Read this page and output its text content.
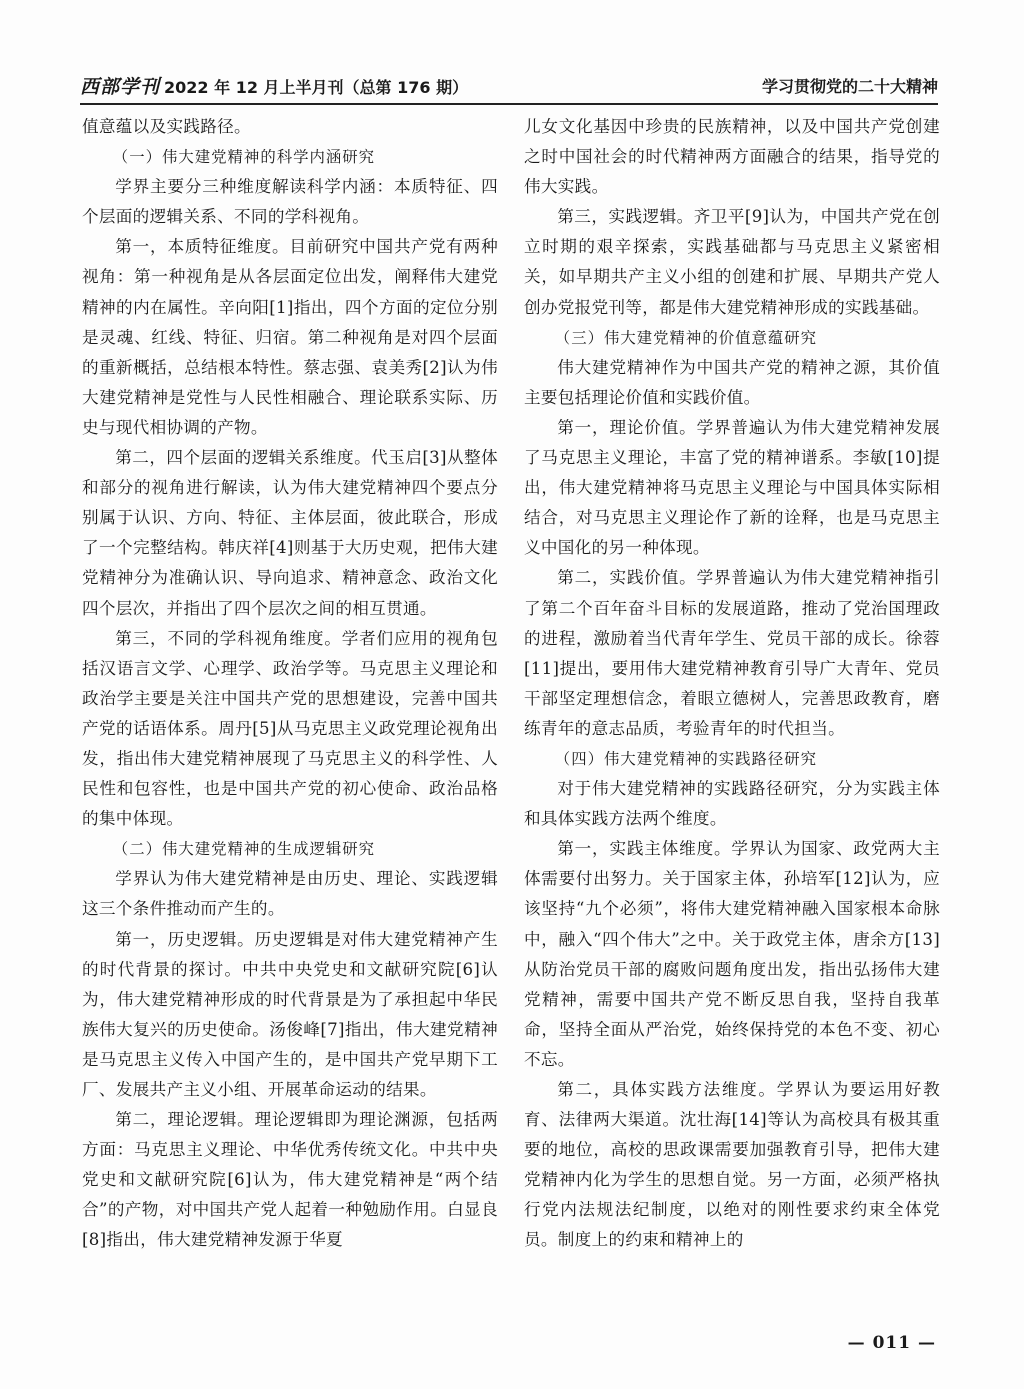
西部学刊 2022 年 12 月上半月刊（总第 176 期）	学习贯彻党的二十大精神

值意蕴以及实践路径。

（一）伟大建党精神的科学内涵研究

学界主要分三种维度解读科学内涵：本质特征、四个层面的逻辑关系、不同的学科视角。

第一，本质特征维度。目前研究中国共产党有两种视角：第一种视角是从各层面定位出发，阐释伟大建党精神的内在属性。辛向阳[1]指出，四个方面的定位分别是灵魂、红线、特征、归宿。第二种视角是对四个层面的重新概括，总结根本特性。蔡志强、袁美秀[2]认为伟大建党精神是党性与人民性相融合、理论联系实际、历史与现代相协调的产物。

第二，四个层面的逻辑关系维度。代玉启[3]从整体和部分的视角进行解读，认为伟大建党精神四个要点分别属于认识、方向、特征、主体层面，彼此联合，形成了一个完整结构。韩庆祥[4]则基于大历史观，把伟大建党精神分为准确认识、导向追求、精神意念、政治文化四个层次，并指出了四个层次之间的相互贯通。

第三，不同的学科视角维度。学者们应用的视角包括汉语言文学、心理学、政治学等。马克思主义理论和政治学主要是关注中国共产党的思想建设，完善中国共产党的话语体系。周丹[5]从马克思主义政党理论视角出发，指出伟大建党精神展现了马克思主义的科学性、人民性和包容性，也是中国共产党的初心使命、政治品格的集中体现。

（二）伟大建党精神的生成逻辑研究

学界认为伟大建党精神是由历史、理论、实践逻辑这三个条件推动而产生的。

第一，历史逻辑。历史逻辑是对伟大建党精神产生的时代背景的探讨。中共中央党史和文献研究院[6]认为，伟大建党精神形成的时代背景是为了承担起中华民族伟大复兴的历史使命。汤俊峰[7]指出，伟大建党精神是马克思主义传入中国产生的，是中国共产党早期下工厂、发展共产主义小组、开展革命运动的结果。

第二，理论逻辑。理论逻辑即为理论渊源，包括两方面：马克思主义理论、中华优秀传统文化。中共中央党史和文献研究院[6]认为，伟大建党精神是“两个结合”的产物，对中国共产党人起着一种勉励作用。白显良[8]指出，伟大建党精神发源于华夏

儿女文化基因中珍贵的民族精神，以及中国共产党创建之时中国社会的时代精神两方面融合的结果，指导党的伟大实践。

第三，实践逻辑。齐卫平[9]认为，中国共产党在创立时期的艰辛探索，实践基础都与马克思主义紧密相关，如早期共产主义小组的创建和扩展、早期共产党人创办党报党刊等，都是伟大建党精神形成的实践基础。

（三）伟大建党精神的价值意蕴研究

伟大建党精神作为中国共产党的精神之源，其价值主要包括理论价值和实践价值。

第一，理论价值。学界普遍认为伟大建党精神发展了马克思主义理论，丰富了党的精神谱系。李敏[10]提出，伟大建党精神将马克思主义理论与中国具体实际相结合，对马克思主义理论作了新的诠释，也是马克思主义中国化的另一种体现。

第二，实践价值。学界普遍认为伟大建党精神指引了第二个百年奋斗目标的发展道路，推动了党治国理政的进程，激励着当代青年学生、党员干部的成长。徐蓉[11]提出，要用伟大建党精神教育引导广大青年、党员干部坚定理想信念，着眼立德树人，完善思政教育，磨练青年的意志品质，考验青年的时代担当。

（四）伟大建党精神的实践路径研究

对于伟大建党精神的实践路径研究，分为实践主体和具体实践方法两个维度。

第一，实践主体维度。学界认为国家、政党两大主体需要付出努力。关于国家主体，孙培军[12]认为，应该坚持“九个必须”，将伟大建党精神融入国家根本命脉中，融入“四个伟大”之中。关于政党主体，唐余方[13]从防治党员干部的腐败问题角度出发，指出弘扬伟大建党精神，需要中国共产党不断反思自我，坚持自我革命，坚持全面从严治党，始终保持党的本色不变、初心不忘。

第二，具体实践方法维度。学界认为要运用好教育、法律两大渠道。沈壮海[14]等认为高校具有极其重要的地位，高校的思政课需要加强教育引导，把伟大建党精神内化为学生的思想自觉。另一方面，必须严格执行党内法规法纪制度，以绝对的刚性要求约束全体党员。制度上的约束和精神上的

— 011 —
